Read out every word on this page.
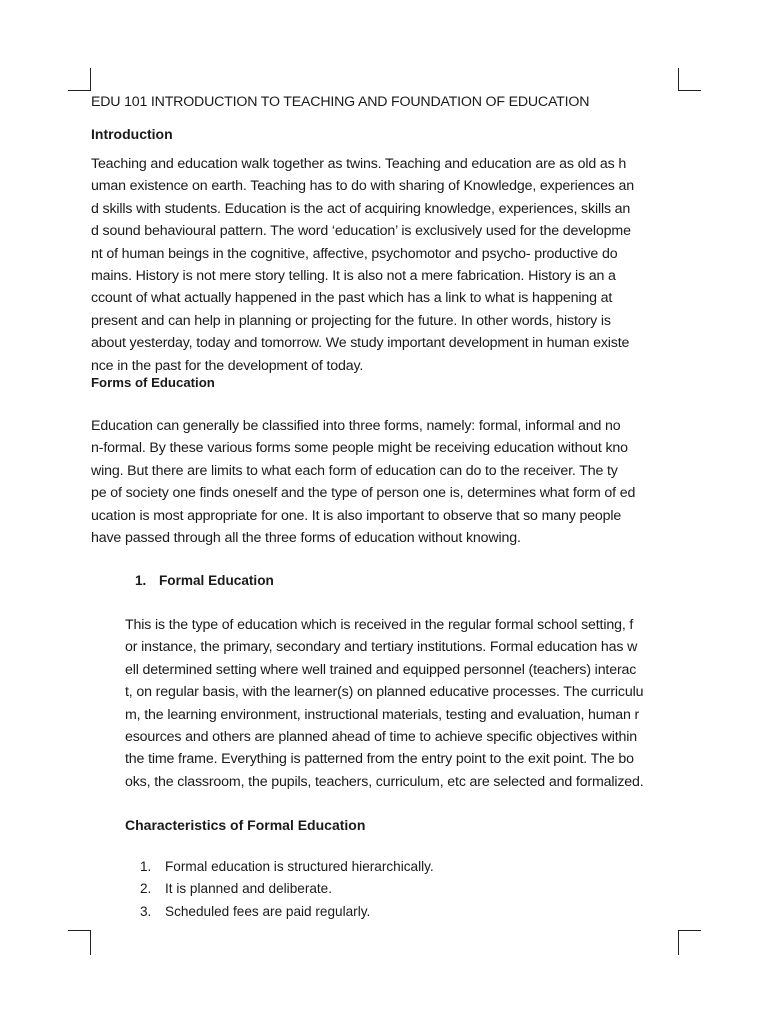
EDU 101 INTRODUCTION TO TEACHING AND FOUNDATION OF EDUCATION
Introduction
Teaching and education walk together as twins. Teaching and education are as old as h
uman existence on earth. Teaching has to do with sharing of Knowledge, experiences an
d skills with students. Education is the act of acquiring knowledge, experiences, skills an
d sound behavioural pattern. The word ‘education’ is exclusively used for the developme
nt of human beings in the cognitive, affective, psychomotor and psycho- productive do
mains. History is not mere story telling. It is also not a mere fabrication. History is an a
ccount of what actually happened in the past which has a link to what is happening at
present and can help in planning or projecting for the future. In other words, history is
about yesterday, today and tomorrow. We study important development in human existe
nce in the past for the development of today.
Forms of Education
Education can generally be classified into three forms, namely: formal, informal and no
n-formal. By these various forms some people might be receiving education without kno
wing. But there are limits to what each form of education can do to the receiver. The ty
pe of society one finds oneself and the type of person one is, determines what form of ed
ucation is most appropriate for one. It is also important to observe that so many people
have passed through all the three forms of education without knowing.
1. Formal Education
This is the type of education which is received in the regular formal school setting, f
or instance, the primary, secondary and tertiary institutions. Formal education has w
ell determined setting where well trained and equipped personnel (teachers) interac
t, on regular basis, with the learner(s) on planned educative processes. The curriculu
m, the learning environment, instructional materials, testing and evaluation, human r
esources and others are planned ahead of time to achieve specific objectives within
the time frame. Everything is patterned from the entry point to the exit point. The bo
oks, the classroom, the pupils, teachers, curriculum, etc are selected and formalized.
Characteristics of Formal Education
1. Formal education is structured hierarchically.
2. It is planned and deliberate.
3. Scheduled fees are paid regularly.
